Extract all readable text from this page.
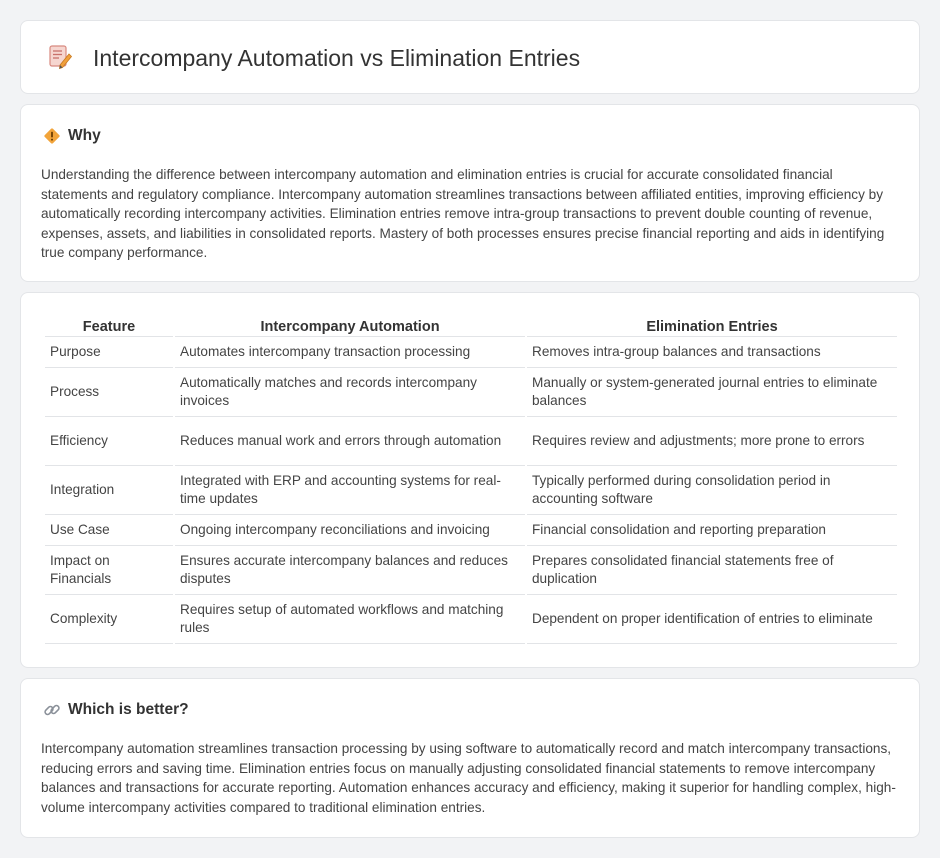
Intercompany Automation vs Elimination Entries
Why

Understanding the difference between intercompany automation and elimination entries is crucial for accurate consolidated financial statements and regulatory compliance. Intercompany automation streamlines transactions between affiliated entities, improving efficiency by automatically recording intercompany activities. Elimination entries remove intra-group transactions to prevent double counting of revenue, expenses, assets, and liabilities in consolidated reports. Mastery of both processes ensures precise financial reporting and aids in identifying true company performance.

Feature	Intercompany Automation	Elimination Entries
Purpose	Automates intercompany transaction processing	Removes intra-group balances and transactions
Process	Automatically matches and records intercompany invoices	Manually or system-generated journal entries to eliminate balances
Efficiency	Reduces manual work and errors through automation	Requires review and adjustments; more prone to errors
Integration	Integrated with ERP and accounting systems for real-time updates	Typically performed during consolidation period in accounting software
Use Case	Ongoing intercompany reconciliations and invoicing	Financial consolidation and reporting preparation
Impact on Financials	Ensures accurate intercompany balances and reduces disputes	Prepares consolidated financial statements free of duplication
Complexity	Requires setup of automated workflows and matching rules	Dependent on proper identification of entries to eliminate
Which is better?

Intercompany automation streamlines transaction processing by using software to automatically record and match intercompany transactions, reducing errors and saving time. Elimination entries focus on manually adjusting consolidated financial statements to remove intercompany balances and transactions for accurate reporting. Automation enhances accuracy and efficiency, making it superior for handling complex, high-volume intercompany activities compared to traditional elimination entries.
